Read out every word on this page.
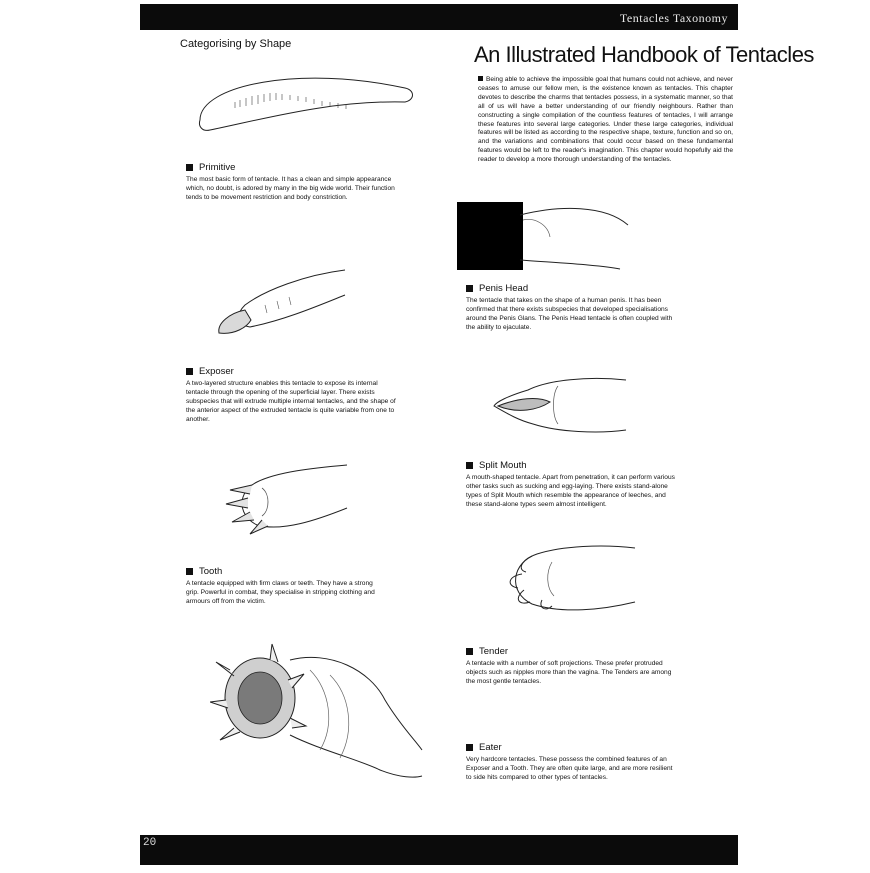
Tentacles Taxonomy
Categorising by Shape	An Illustrated Handbook of Tentacles

Being able to achieve the impossible goal that humans could not achieve, and never ceases to amuse our fellow men, is the existence known as tentacles. This chapter devotes to describe the charms that tentacles possess, in a systematic manner, so that all of us will have a better understanding of our friendly neighbours. Rather than constructing a single compilation of the countless features of tentacles, I will arrange these features into several large categories. Under these large categories, individual features will be listed as according to the respective shape, texture, function and so on, and the variations and combinations that could occur based on these fundamental features would be left to the reader's imagination. This chapter would hopefully aid the reader to develop a more thorough understanding of the tentacles.

Primitive

The most basic form of tentacle. It has a clean and simple appearance which, no doubt, is adored by many in the big wide world. Their function tends to be movement restriction and body constriction.

Exposer

A two-layered structure enables this tentacle to expose its internal tentacle through the opening of the superficial layer. There exists subspecies that will extrude multiple internal tentacles, and the shape of the anterior aspect of the extruded tentacle is quite variable from one to another.

Tooth

A tentacle equipped with firm claws or teeth. They have a strong grip. Powerful in combat, they specialise in stripping clothing and armours off from the victim.

Penis Head

The tentacle that takes on the shape of a human penis. It has been confirmed that there exists subspecies that developed specialisations around the Penis Glans. The Penis Head tentacle is often coupled with the ability to ejaculate.

Split Mouth

A mouth-shaped tentacle. Apart from penetration, it can perform various other tasks such as sucking and egg-laying. There exists stand-alone types of Split Mouth which resemble the appearance of leeches, and these stand-alone types seem almost intelligent.

Tender

A tentacle with a number of soft projections. These prefer protruded objects such as nipples more than the vagina. The Tenders are among the most gentle tentacles.

Eater

Very hardcore tentacles. These possess the combined features of an Exposer and a Tooth. They are often quite large, and are more resilient to side hits compared to other types of tentacles.

20
